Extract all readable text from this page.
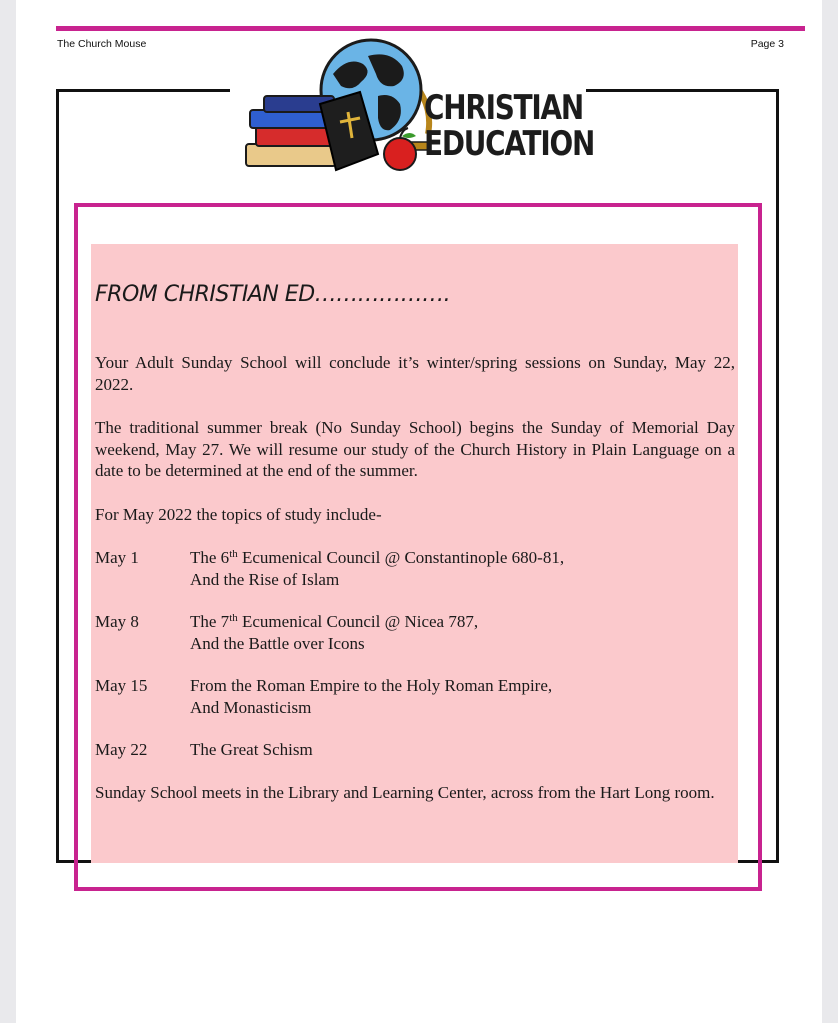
The Church Mouse	Page 3
CHRISTIAN
EDUCATION
FROM CHRISTIAN ED……………….

Your Adult Sunday School will conclude it’s winter/spring sessions on Sunday, May 22, 2022.

The traditional summer break (No Sunday School) begins the Sunday of Memorial Day weekend, May 27. We will resume our study of the Church History in Plain Language on a date to be determined at the end of the summer.

For May 2022 the topics of study include-

May 1	The 6th Ecumenical Council @ Constantinople 680-81,
And the Rise of Islam
May 8	The 7th Ecumenical Council @ Nicea 787,
And the Battle over Icons
May 15	From the Roman Empire to the Holy Roman Empire,
And Monasticism
May 22	The Great Schism

Sunday School meets in the Library and Learning Center, across from the Hart Long room.
